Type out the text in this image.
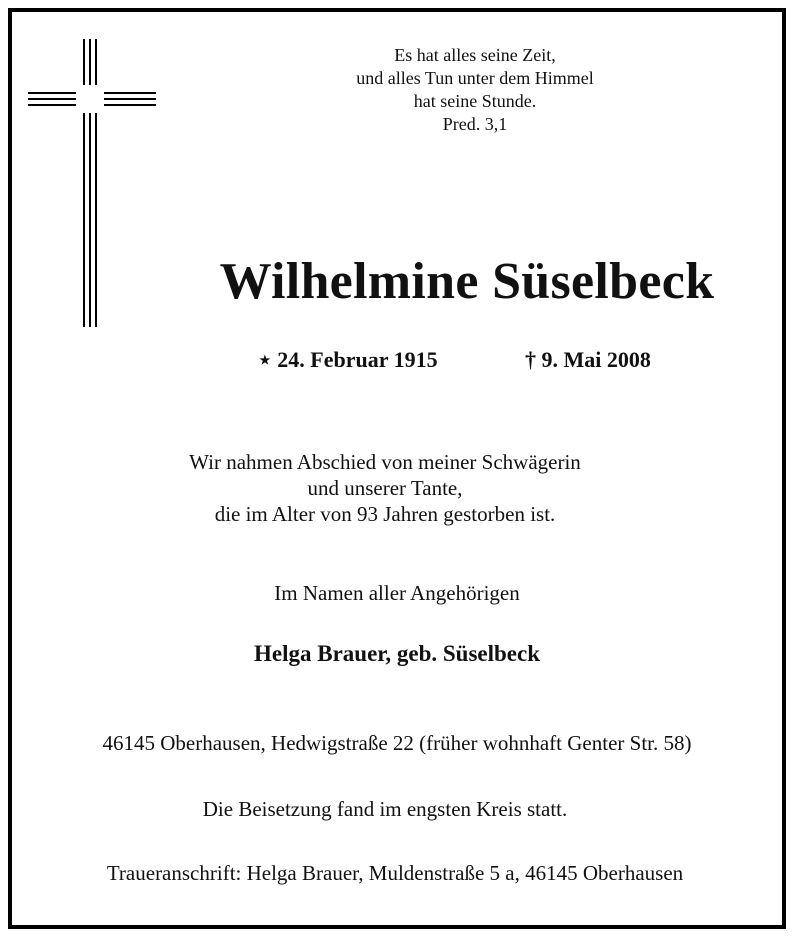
Es hat alles seine Zeit,
und alles Tun unter dem Himmel
hat seine Stunde.
Pred. 3,1
Wilhelmine Süselbeck
⋆ 24. Februar 1915	† 9. Mai 2008
Wir nahmen Abschied von meiner Schwägerin
und unserer Tante,
die im Alter von 93 Jahren gestorben ist.
Im Namen aller Angehörigen
Helga Brauer, geb. Süselbeck
46145 Oberhausen, Hedwigstraße 22 (früher wohnhaft Genter Str. 58)
Die Beisetzung fand im engsten Kreis statt.
Traueranschrift: Helga Brauer, Muldenstraße 5 a, 46145 Oberhausen
